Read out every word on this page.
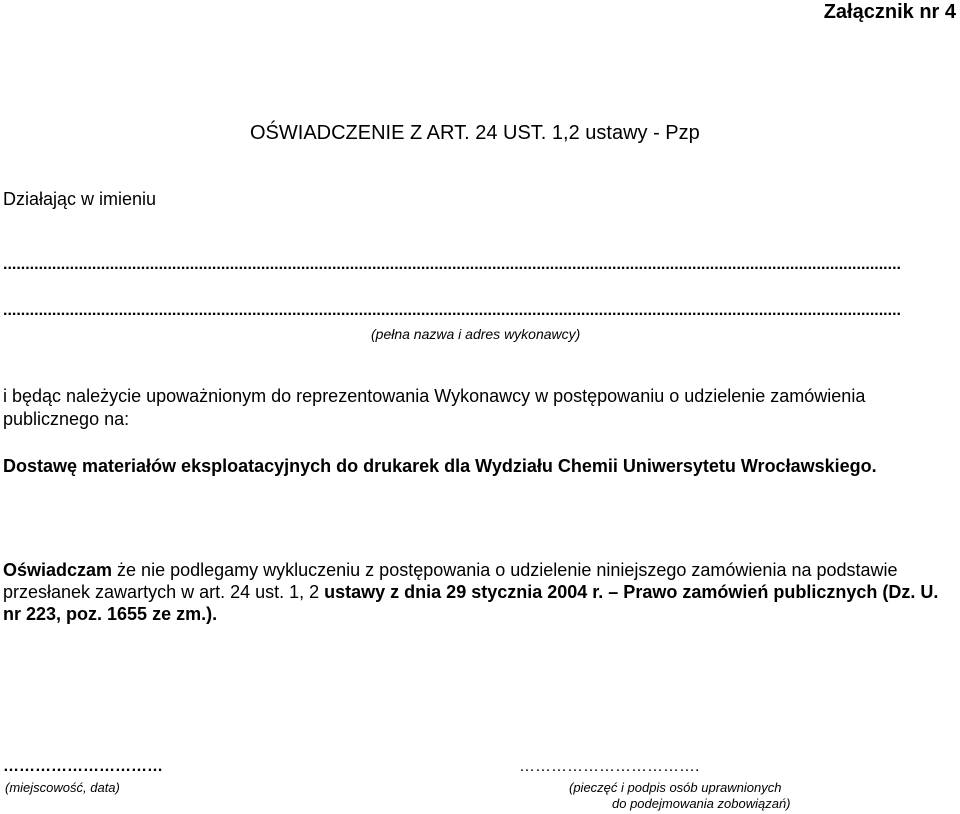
Załącznik nr 4
OŚWIADCZENIE Z ART. 24 UST. 1,2 ustawy - Pzp
Działając w imieniu
..........................................................................................................................................................................................................
..........................................................................................................................................................................................................
(pełna nazwa i adres wykonawcy)
i będąc należycie upoważnionym do reprezentowania Wykonawcy w postępowaniu o udzielenie zamówienia publicznego na:
Dostawę materiałów eksploatacyjnych do drukarek dla Wydziału Chemii Uniwersytetu Wrocławskiego.
Oświadczam że nie podlegamy wykluczeniu z postępowania o udzielenie niniejszego zamówienia na podstawie przesłanek zawartych w art. 24 ust. 1, 2 ustawy z dnia 29 stycznia 2004 r. – Prawo zamówień publicznych (Dz. U. nr 223, poz. 1655 ze zm.).
…………………………	…………………………….
(miejscowość, data)	(pieczęć i podpis osób uprawnionych
do podejmowania zobowiązań)
